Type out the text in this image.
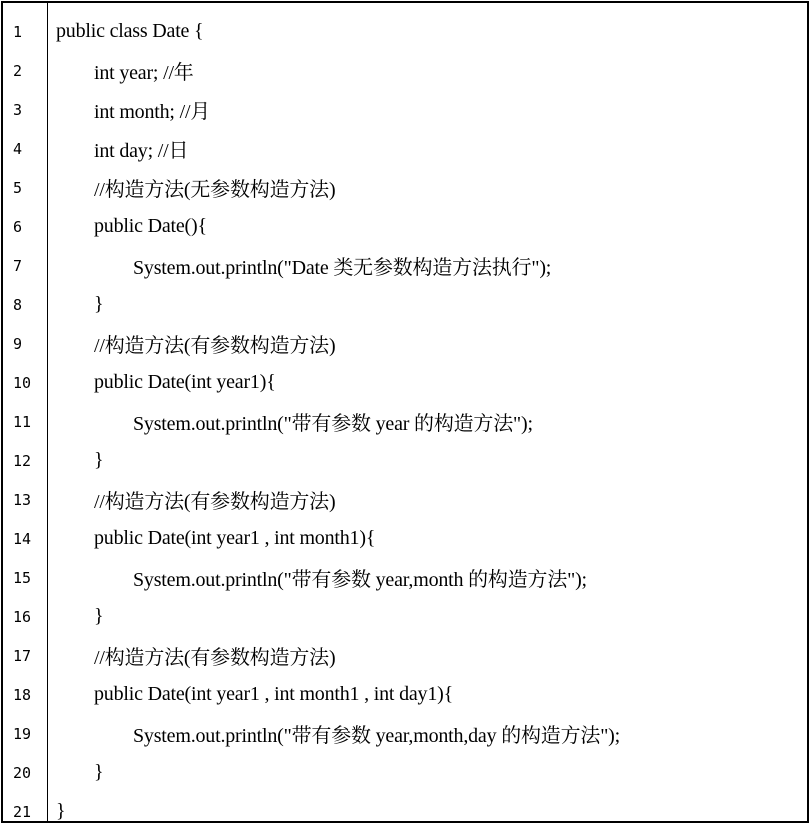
1	public class Date {
2	int year; //年
3	int month; //月
4	int day; //日
5	//构造方法(无参数构造方法)
6	public Date(){
7	System.out.println("Date 类无参数构造方法执行");
8	}
9	//构造方法(有参数构造方法)
10	public Date(int year1){
11	System.out.println("带有参数 year 的构造方法");
12	}
13	//构造方法(有参数构造方法)
14	public Date(int year1 , int month1){
15	System.out.println("带有参数 year,month 的构造方法");
16	}
17	//构造方法(有参数构造方法)
18	public Date(int year1 , int month1 , int day1){
19	System.out.println("带有参数 year,month,day 的构造方法");
20	}
21	}
